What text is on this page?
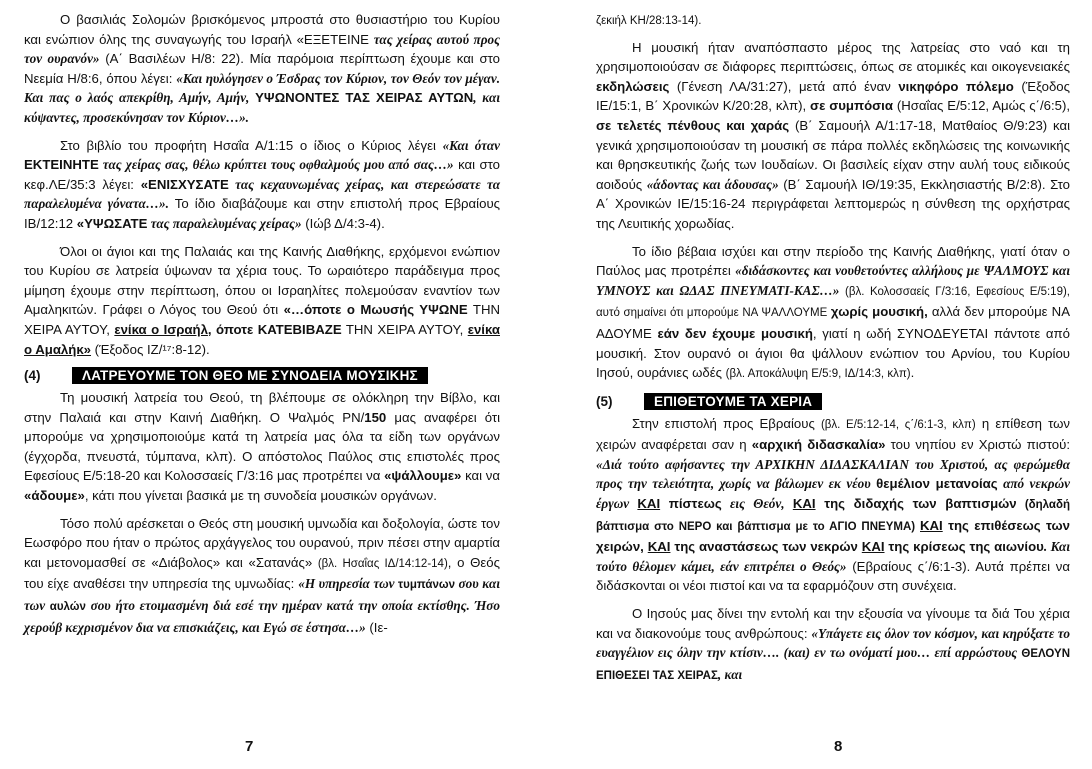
Ο βασιλιάς Σολομών βρισκόμενος μπροστά στο θυσιαστήριο του Κυρίου και ενώπιον όλης της συναγωγής του Ισραήλ «ΕΞΕΤΕΙΝΕ τας χείρας αυτού προς τον ουρανόν» (Α΄ Βασιλέων Η/8: 22). Μία παρόμοια περίπτωση έχουμε και στο Νεεμία Η/8:6, όπου λέγει: «Και ηυλόγησεν ο Έσδρας τον Κύριον, τον Θεόν τον μέγαν. Και πας ο λαός απεκρίθη, Αμήν, Αμήν, ΥΨΩΝΟΝΤΕΣ ΤΑΣ ΧΕΙΡΑΣ ΑΥΤΩΝ, και κύψαντες, προσεκύνησαν τον Κύριον…».

Στο βιβλίο του προφήτη Ησαΐα Α/1:15 ο ίδιος ο Κύριος λέγει «Και όταν ΕΚΤΕΙΝΗΤΕ τας χείρας σας, θέλω κρύπτει τους οφθαλμούς μου από σας…» και στο κεφ.ΛΕ/35:3 λέγει: «ΕΝΙΣΧΥΣΑΤΕ τας κεχαυνωμένας χείρας, και στερεώσατε τα παραλελυμένα γόνατα…». Το ίδιο διαβάζουμε και στην επιστολή προς Εβραίους ΙΒ/12:12 «ΥΨΩΣΑΤΕ τας παραλελυμένας χείρας» (Ιώβ Δ/4:3-4).

Όλοι οι άγιοι και της Παλαιάς και της Καινής Διαθήκης, ερχόμενοι ενώπιον του Κυρίου σε λατρεία ύψωναν τα χέρια τους. Το ωραιότερο παράδειγμα προς μίμηση έχουμε στην περίπτωση, όπου οι Ισραηλίτες πολεμούσαν εναντίον των Αμαληκιτών. Γράφει ο Λόγος του Θεού ότι «…όποτε ο Μωυσής ΥΨΩΝΕ ΤΗΝ ΧΕΙΡΑ ΑΥΤΟΥ, ενίκα ο Ισραήλ, όποτε ΚΑΤΕΒΙΒΑΖΕ ΤΗΝ ΧΕΙΡΑ ΑΥΤΟΥ, ενίκα ο Αμαλήκ» (Έξοδος ΙΖ/¹⁷:8-12).

(4)	ΛΑΤΡΕΥΟΥΜΕ ΤΟΝ ΘΕΟ ΜΕ ΣΥΝΟΔΕΙΑ ΜΟΥΣΙΚΗΣ

Τη μουσική λατρεία του Θεού, τη βλέπουμε σε ολόκληρη την Βίβλο, και στην Παλαιά και στην Καινή Διαθήκη. Ο Ψαλμός ΡΝ/150 μας αναφέρει ότι μπορούμε να χρησιμοποιούμε κατά τη λατρεία μας όλα τα είδη των οργάνων (έγχορδα, πνευστά, τύμπανα, κλπ). Ο απόστολος Παύλος στις επιστολές προς Εφεσίους Ε/5:18-20 και Κολοσσαείς Γ/3:16 μας προτρέπει να «ψάλλουμε» και να «άδουμε», κάτι που γίνεται βασικά με τη συνοδεία μουσικών οργάνων.

Τόσο πολύ αρέσκεται ο Θεός στη μουσική υμνωδία και δοξολογία, ώστε τον Εωσφόρο που ήταν ο πρώτος αρχάγγελος του ουρανού, πριν πέσει στην αμαρτία και μετονομασθεί σε «Διάβολος» και «Σατανάς» (βλ. Ησαΐας ΙΔ/14:12-14), ο Θεός του είχε αναθέσει την υπηρεσία της υμνωδίας: «Η υπηρεσία των τυμπάνων σου και των αυλών σου ήτο ετοιμασμένη διά εσέ την ημέραν κατά την οποία εκτίσθης. Ήσο χερούβ κεχρισμένον δια να επισκιάζεις, και Εγώ σε έστησα…» (Ιε-

7

ζεκιήλ ΚΗ/28:13-14).

Η μουσική ήταν αναπόσπαστο μέρος της λατρείας στο ναό και τη χρησιμοποιούσαν σε διάφορες περιπτώσεις, όπως σε ατομικές και οικογενειακές εκδηλώσεις (Γένεση ΛΑ/31:27), μετά από έναν νικηφόρο πόλεμο (Έξοδος ΙΕ/15:1, Β΄ Χρονικών Κ/20:28, κλπ), σε συμπόσια (Ησαΐας Ε/5:12, Αμώς ς΄/6:5), σε τελετές πένθους και χαράς (Β΄ Σαμουήλ Α/1:17-18, Ματθαίος Θ/9:23) και γενικά χρησιμοποιούσαν τη μουσική σε πάρα πολλές εκδηλώσεις της κοινωνικής και θρησκευτικής ζωής των Ιουδαίων. Οι βασιλείς είχαν στην αυλή τους ειδικούς αοιδούς «άδοντας και άδουσας» (Β΄ Σαμουήλ ΙΘ/19:35, Εκκλησιαστής Β/2:8). Στο Α΄ Χρονικών ΙΕ/15:16-24 περιγράφεται λεπτομερώς η σύνθεση της ορχήστρας της Λευιτικής χορωδίας.

Το ίδιο βέβαια ισχύει και στην περίοδο της Καινής Διαθήκης, γιατί όταν ο Παύλος μας προτρέπει «διδάσκοντες και νουθετούντες αλλήλους με ΨΑΛΜΟΥΣ και ΥΜΝΟΥΣ και ΩΔΑΣ ΠΝΕΥΜΑΤΙ-ΚΑΣ…» (βλ. Κολοσσαείς Γ/3:16, Εφεσίους Ε/5:19), αυτό σημαίνει ότι μπορούμε ΝΑ ΨΑΛΛΟΥΜΕ χωρίς μουσική, αλλά δεν μπορούμε ΝΑ ΑΔΟΥΜΕ εάν δεν έχουμε μουσική, γιατί η ωδή ΣΥΝΟΔΕΥΕΤΑΙ πάντοτε από μουσική. Στον ουρανό οι άγιοι θα ψάλλουν ενώπιον του Αρνίου, του Κυρίου Ιησού, ουράνιες ωδές (βλ. Αποκάλυψη Ε/5:9, ΙΔ/14:3, κλπ).

(5)	ΕΠΙΘΕΤΟΥΜΕ ΤΑ ΧΕΡΙΑ

Στην επιστολή προς Εβραίους (βλ. Ε/5:12-14, ς΄/6:1-3, κλπ) η επίθεση των χειρών αναφέρεται σαν η «αρχική διδασκαλία» του νηπίου εν Χριστώ πιστού: «Διά τούτο αφήσαντες την ΑΡΧΙΚΗΝ ΔΙΔΑΣΚΑΛΙΑΝ του Χριστού, ας φερώμεθα προς την τελειότητα, χωρίς να βάλωμεν εκ νέου θεμέλιον μετανοίας από νεκρών έργων ΚΑΙ πίστεως εις Θεόν, ΚΑΙ της διδαχής των βαπτισμών (δηλαδή βάπτισμα στο ΝΕΡΟ και βάπτισμα με το ΑΓΙΟ ΠΝΕΥΜΑ) ΚΑΙ της επιθέσεως των χειρών, ΚΑΙ της αναστάσεως των νεκρών ΚΑΙ της κρίσεως της αιωνίου. Και τούτο θέλομεν κάμει, εάν επιτρέπει ο Θεός» (Εβραίους ς΄/6:1-3). Αυτά πρέπει να διδάσκονται οι νέοι πιστοί και να τα εφαρμόζουν στη συνέχεια.

Ο Ιησούς μας δίνει την εντολή και την εξουσία να γίνουμε τα διά Του χέρια και να διακονούμε τους ανθρώπους: «Υπάγετε εις όλον τον κόσμον, και κηρύξατε το ευαγγέλιον εις όλην την κτίσιν…. (και) εν τω ονόματί μου… επί αρρώστους ΘΕΛΟΥΝ ΕΠΙΘΕΣΕΙ ΤΑΣ ΧΕΙΡΑΣ, και

8
